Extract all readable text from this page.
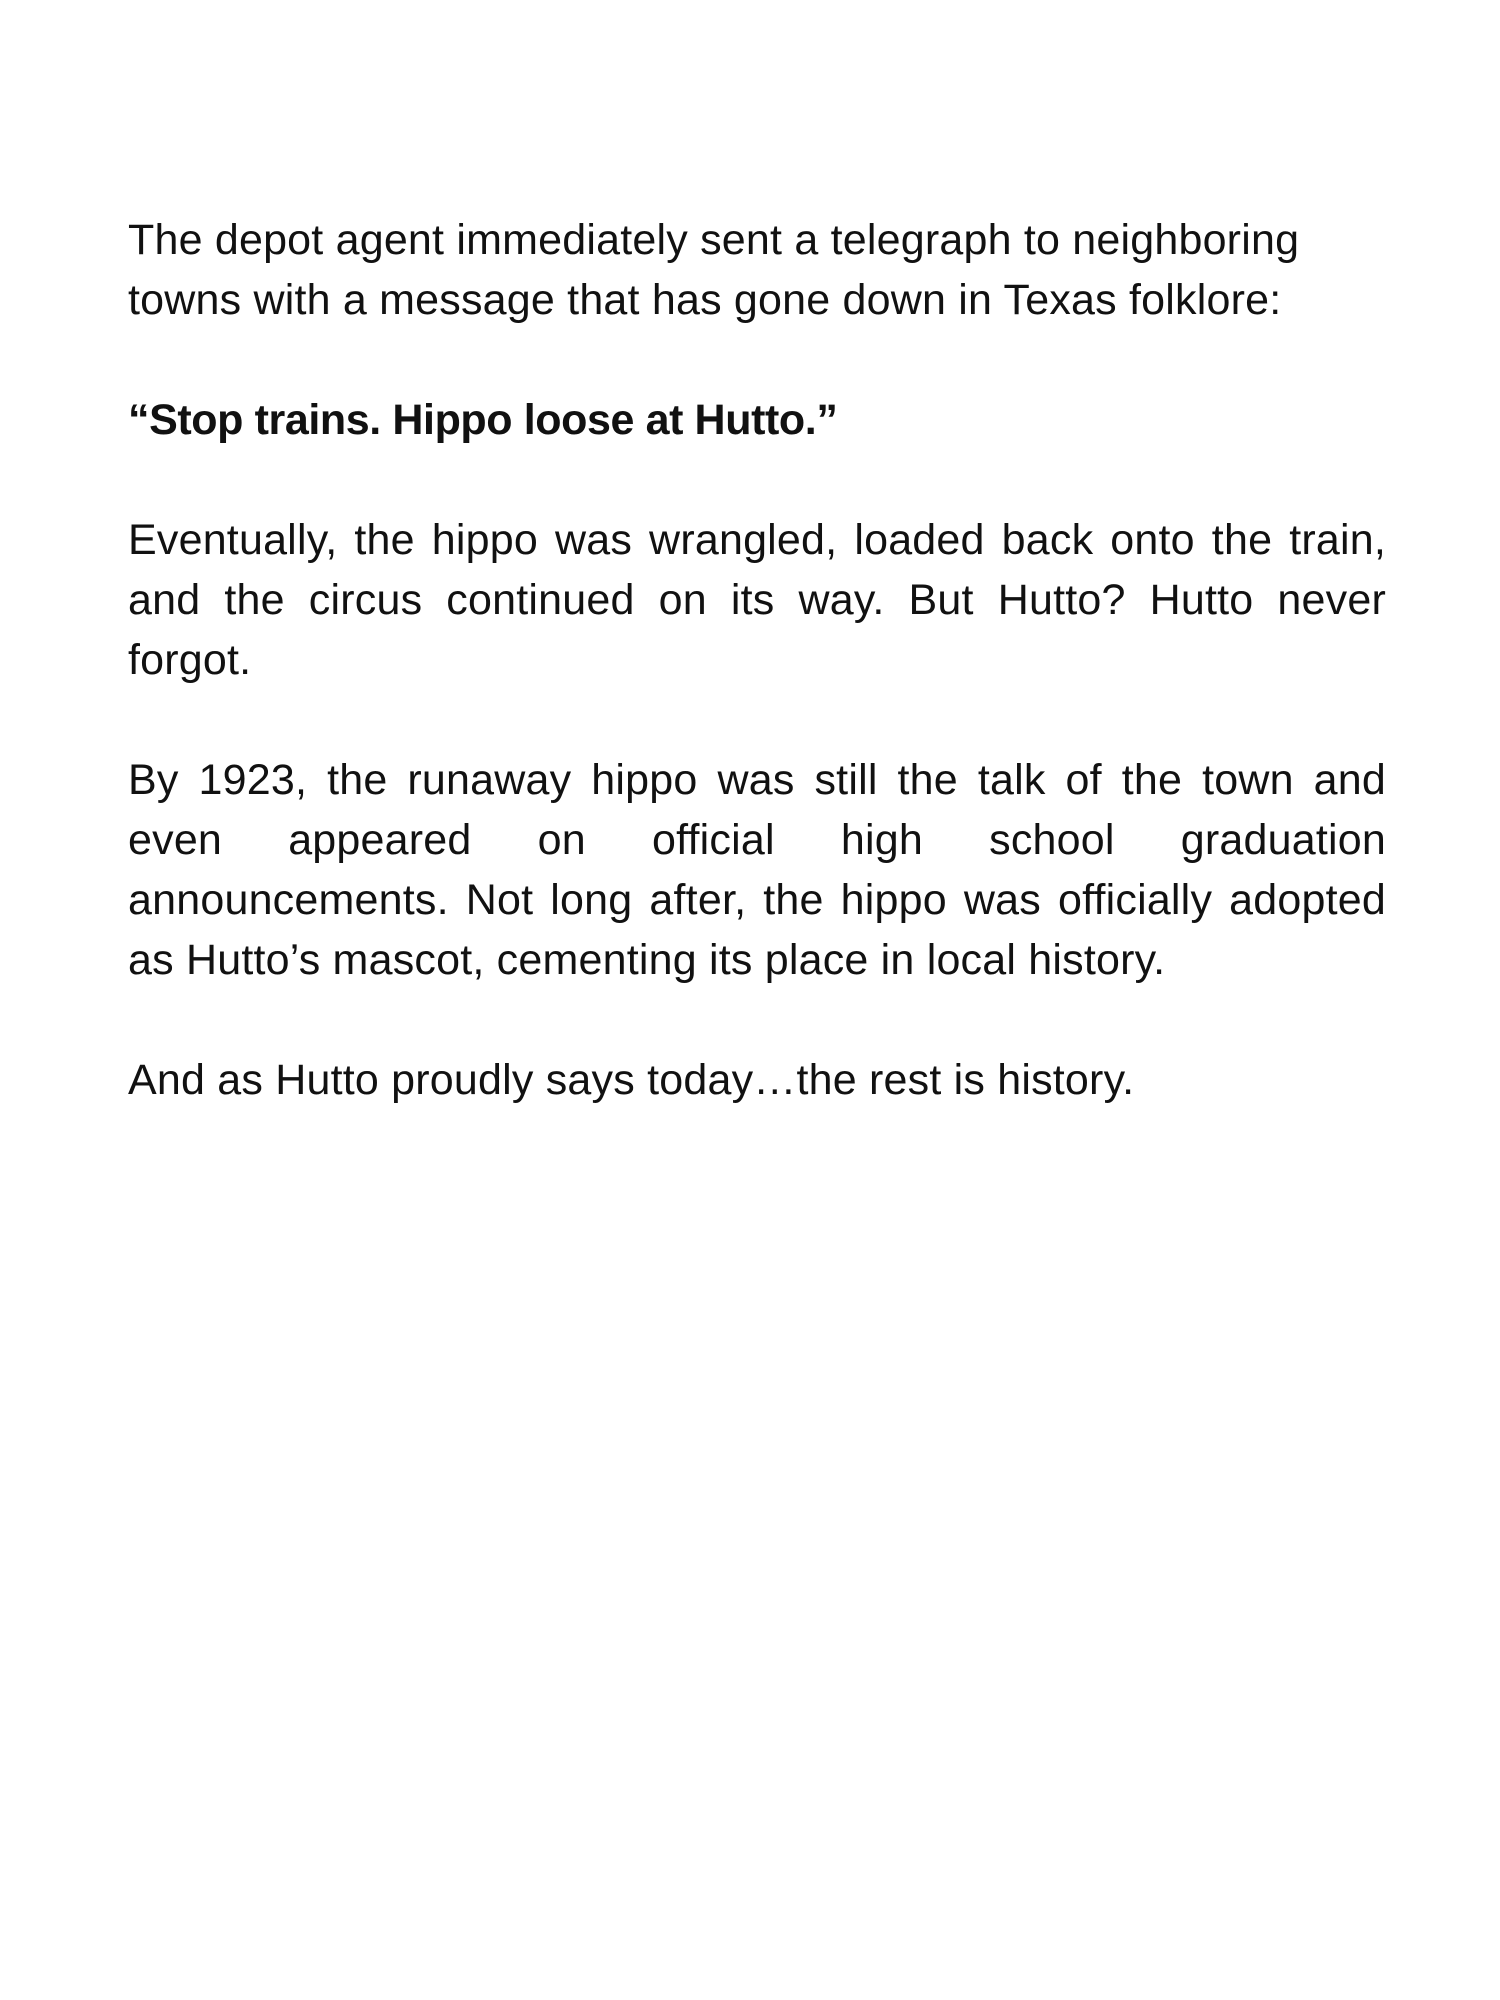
The depot agent immediately sent a telegraph to neighboring towns with a message that has gone down in Texas folklore:

“Stop trains. Hippo loose at Hutto.”

Eventually, the hippo was wrangled, loaded back onto the train, and the circus continued on its way. But Hutto? Hutto never forgot.

By 1923, the runaway hippo was still the talk of the town and even appeared on official high school graduation announcements. Not long after, the hippo was officially adopted as Hutto’s mascot, cementing its place in local history.

And as Hutto proudly says today…the rest is history.
